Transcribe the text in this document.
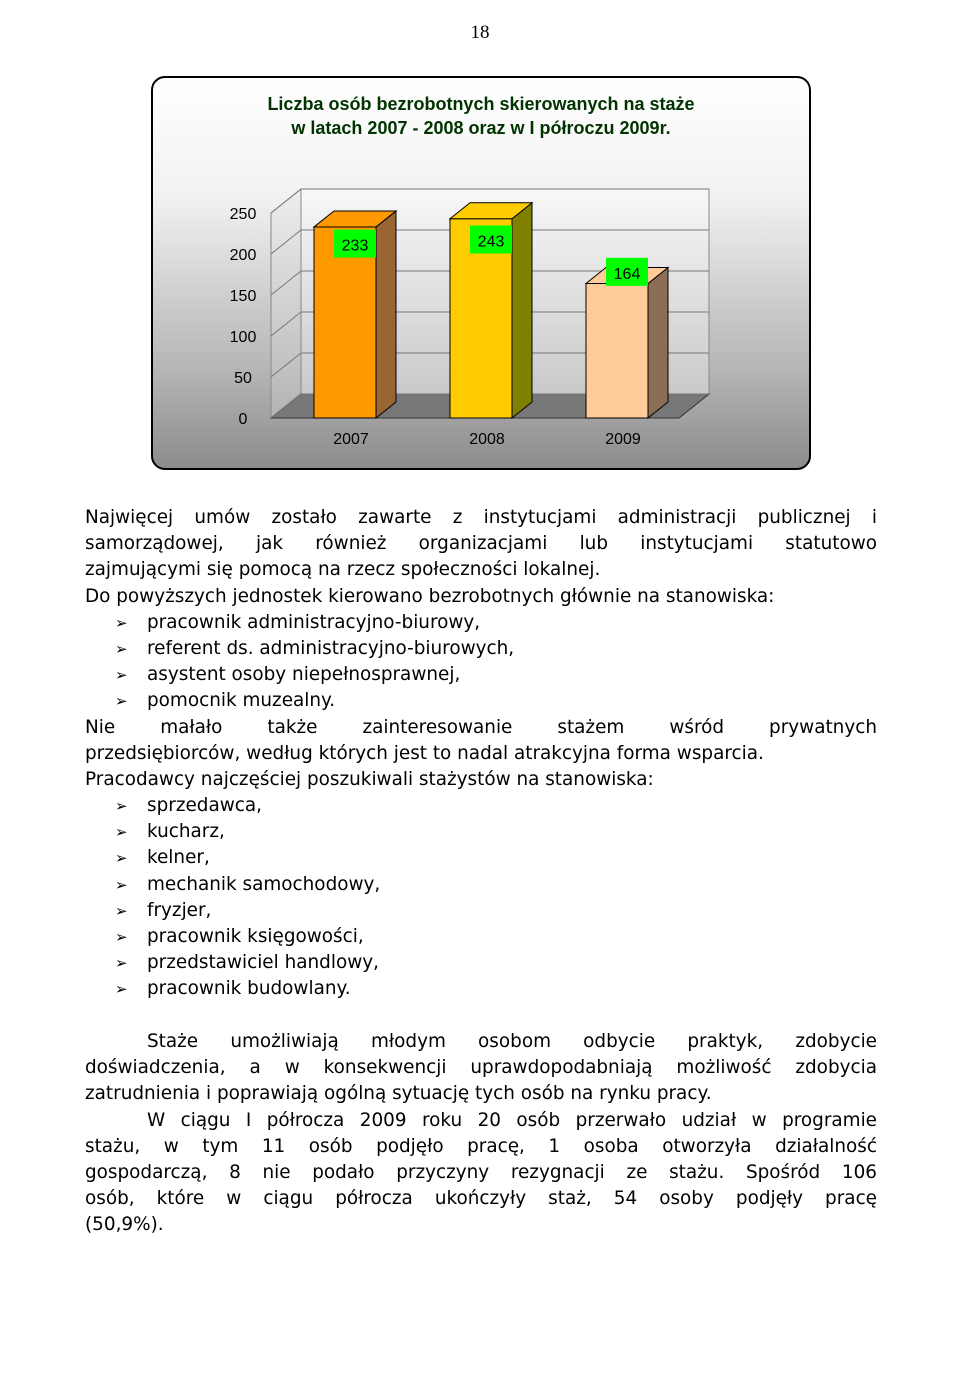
18
Liczba osób bezrobotnych skierowanych na staże
w latach 2007 - 2008 oraz w I półroczu 2009r.
0
50
100
150
200
250
233
2007
243
2008
164
2009
Najwięcej umów zostało zawarte z instytucjami administracji publicznej i
samorządowej, jak również organizacjami lub instytucjami statutowo
zajmującymi się pomocą na rzecz społeczności lokalnej.
Do powyższych jednostek kierowano bezrobotnych głównie na stanowiska:
➢ pracownik administracyjno-biurowy,
➢ referent ds. administracyjno-biurowych,
➢ asystent osoby niepełnosprawnej,
➢ pomocnik muzealny.
Nie małało także zainteresowanie stażem wśród prywatnych
przedsiębiorców, według których jest to nadal atrakcyjna forma wsparcia.
Pracodawcy najczęściej poszukiwali stażystów na stanowiska:
➢ sprzedawca,
➢ kucharz,
➢ kelner,
➢ mechanik samochodowy,
➢ fryzjer,
➢ pracownik księgowości,
➢ przedstawiciel handlowy,
➢ pracownik budowlany.
Staże umożliwiają młodym osobom odbycie praktyk, zdobycie
doświadczenia, a w konsekwencji uprawdopodabniają możliwość zdobycia
zatrudnienia i poprawiają ogólną sytuację tych osób na rynku pracy.
W ciągu I półrocza 2009 roku 20 osób przerwało udział w programie
stażu, w tym 11 osób podjęło pracę, 1 osoba otworzyła działalność
gospodarczą, 8 nie podało przyczyny rezygnacji ze stażu. Spośród 106
osób, które w ciągu półrocza ukończyły staż, 54 osoby podjęły pracę
(50,9%).
